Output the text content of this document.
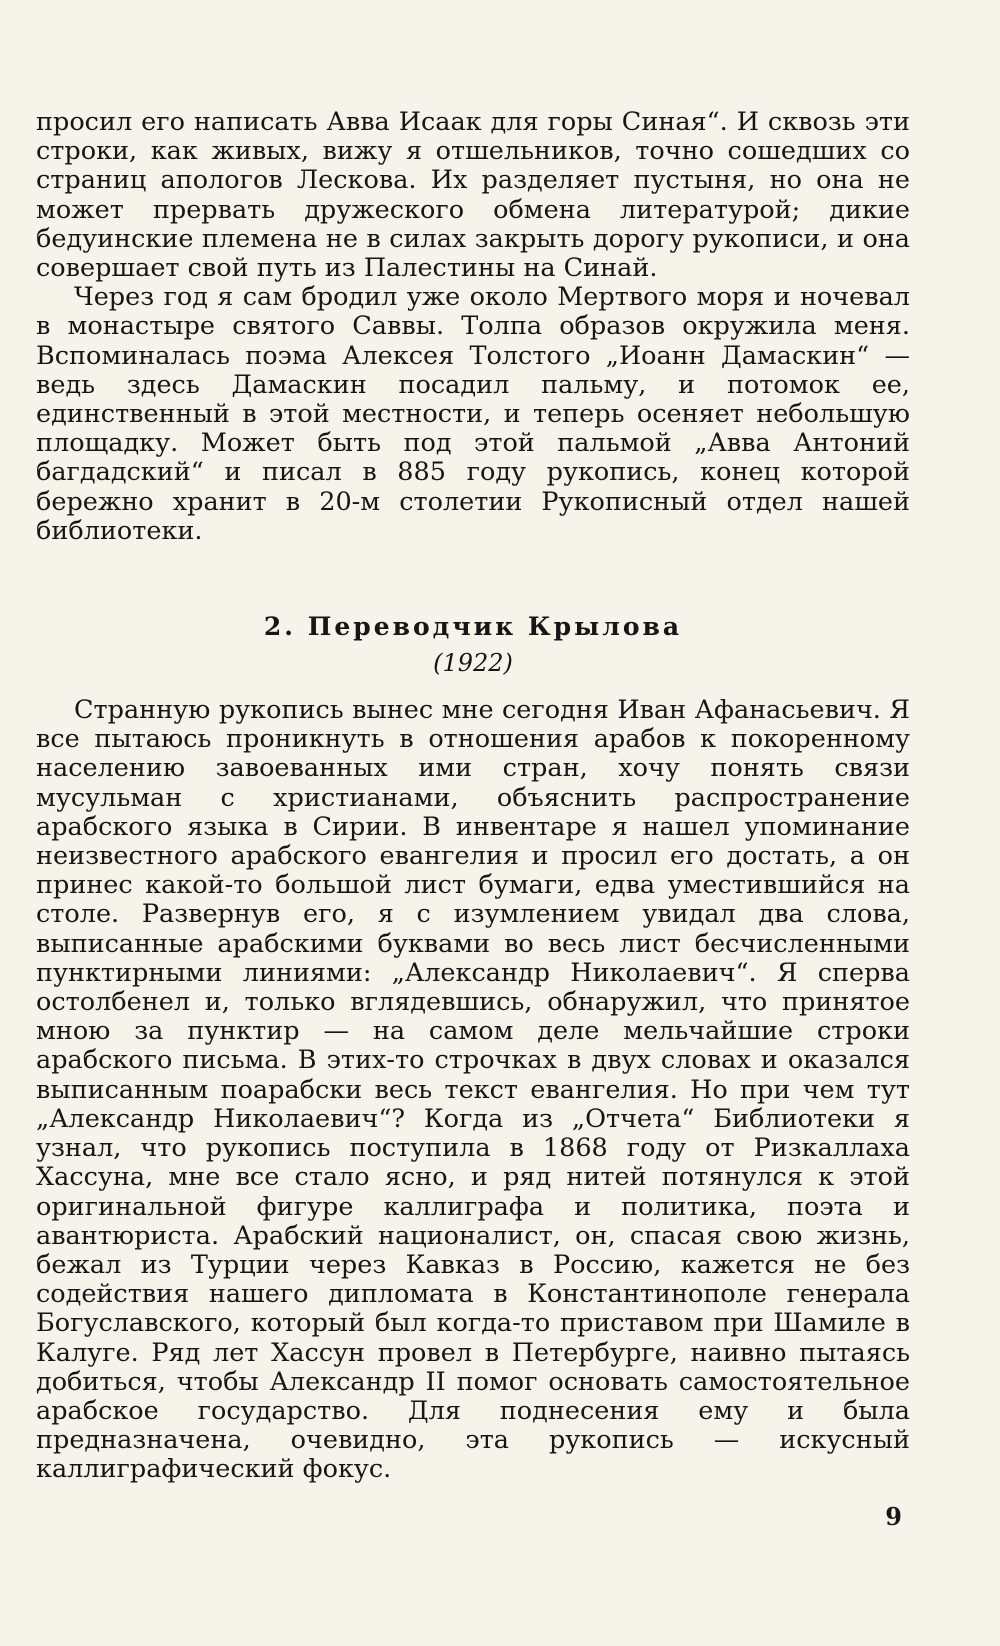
просил его написать Авва Исаак для горы Синая“. И сквозь эти строки, как живых, вижу я отшельников, точно сошедших со страниц апологов Лескова. Их разделяет пустыня, но она не может прервать дружеского обмена литературой; дикие бедуинские племена не в силах закрыть дорогу рукописи, и она совершает свой путь из Палестины на Синай.

Через год я сам бродил уже около Мертвого моря и ночевал в монастыре святого Саввы. Толпа образов окружила меня. Вспоминалась поэма Алексея Толстого „Иоанн Дамаскин“ — ведь здесь Дамаскин посадил пальму, и потомок ее, единственный в этой местности, и теперь осеняет небольшую площадку. Может быть под этой пальмой „Авва Антоний багдадский“ и писал в 885 году рукопись, конец которой бережно хранит в 20-м столетии Рукописный отдел нашей библиотеки.

2. Переводчик Крылова
(1922)

Странную рукопись вынес мне сегодня Иван Афанасьевич. Я все пытаюсь проникнуть в отношения арабов к покоренному населению завоеванных ими стран, хочу понять связи мусульман с христианами, объяснить распространение арабского языка в Сирии. В инвентаре я нашел упоминание неизвестного арабского евангелия и просил его достать, а он принес какой-то большой лист бумаги, едва уместившийся на столе. Развернув его, я с изумлением увидал два слова, выписанные арабскими буквами во весь лист бесчисленными пунктирными линиями: „Александр Николаевич“. Я сперва остолбенел и, только вглядевшись, обнаружил, что принятое мною за пунктир — на самом деле мельчайшие строки арабского письма. В этих-то строчках в двух словах и оказался выписанным поарабски весь текст евангелия. Но при чем тут „Александр Николаевич“? Когда из „Отчета“ Библиотеки я узнал, что рукопись поступила в 1868 году от Ризкаллаха Хассуна, мне все стало ясно, и ряд нитей потянулся к этой оригинальной фигуре каллиграфа и политика, поэта и авантюриста. Арабский националист, он, спасая свою жизнь, бежал из Турции через Кавказ в Россию, кажется не без содействия нашего дипломата в Константинополе генерала Богуславского, который был когда-то приставом при Шамиле в Калуге. Ряд лет Хассун провел в Петербурге, наивно пытаясь добиться, чтобы Александр II помог основать самостоятельное арабское государство. Для поднесения ему и была предназначена, очевидно, эта рукопись — искусный каллиграфический фокус.

9
